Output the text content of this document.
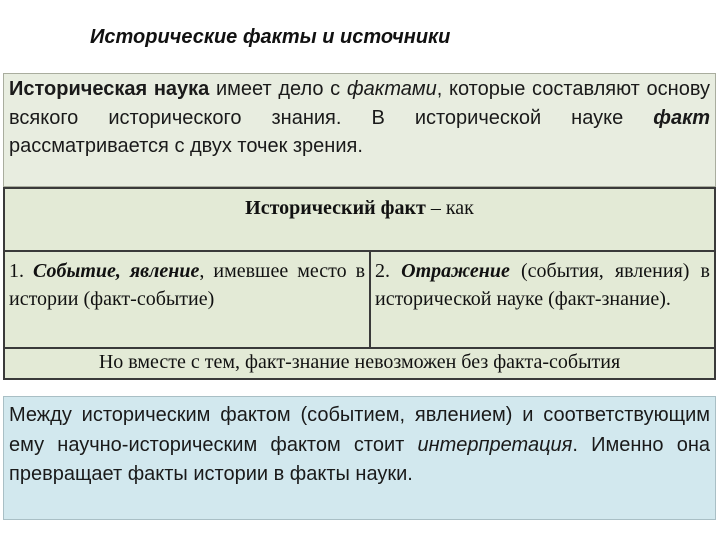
Исторические факты и источники
Историческая наука имеет дело с фактами, которые составляют основу всякого исторического знания. В исторической науке факт рассматривается с двух точек зрения.
Исторический факт – как
1. Событие, явление, имевшее место в истории (факт-событие)
2. Отражение (события, явления) в исторической науке (факт-знание).
Но вместе с тем, факт-знание невозможен без факта-события
Между историческим фактом (событием, явлением) и соответствующим ему научно-историческим фактом стоит интерпретация. Именно она превращает факты истории в факты науки.
